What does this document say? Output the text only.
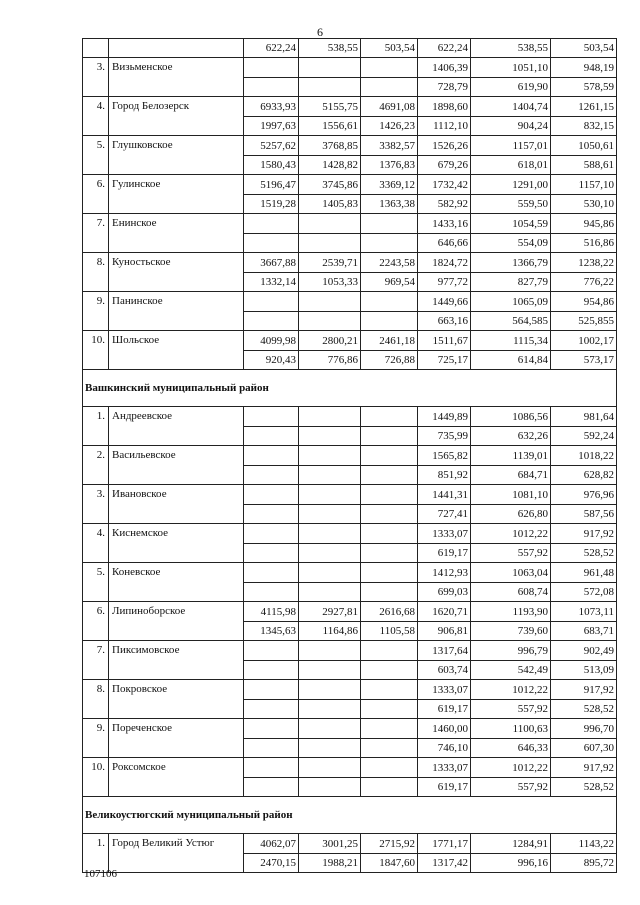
6
		622,24	538,55	503,54	622,24	538,55	503,54
3.	Визьменское				1406,39	1051,10	948,19
					728,79	619,90	578,59
4.	Город Белозерск	6933,93	5155,75	4691,08	1898,60	1404,74	1261,15
		1997,63	1556,61	1426,23	1112,10	904,24	832,15
5.	Глушковское	5257,62	3768,85	3382,57	1526,26	1157,01	1050,61
		1580,43	1428,82	1376,83	679,26	618,01	588,61
6.	Гулинское	5196,47	3745,86	3369,12	1732,42	1291,00	1157,10
		1519,28	1405,83	1363,38	582,92	559,50	530,10
7.	Енинское				1433,16	1054,59	945,86
					646,66	554,09	516,86
8.	Куностьское	3667,88	2539,71	2243,58	1824,72	1366,79	1238,22
		1332,14	1053,33	969,54	977,72	827,79	776,22
9.	Панинское				1449,66	1065,09	954,86
					663,16	564,585	525,855
10.	Шольское	4099,98	2800,21	2461,18	1511,67	1115,34	1002,17
		920,43	776,86	726,88	725,17	614,84	573,17
Вашкинский муниципальный район							
1.	Андреевское				1449,89	1086,56	981,64
					735,99	632,26	592,24
2.	Васильевское				1565,82	1139,01	1018,22
					851,92	684,71	628,82
3.	Ивановское				1441,31	1081,10	976,96
					727,41	626,80	587,56
4.	Киснемское				1333,07	1012,22	917,92
					619,17	557,92	528,52
5.	Коневское				1412,93	1063,04	961,48
					699,03	608,74	572,08
6.	Липиноборское	4115,98	2927,81	2616,68	1620,71	1193,90	1073,11
		1345,63	1164,86	1105,58	906,81	739,60	683,71
7.	Пиксимовское				1317,64	996,79	902,49
					603,74	542,49	513,09
8.	Покровское				1333,07	1012,22	917,92
					619,17	557,92	528,52
9.	Пореченское				1460,00	1100,63	996,70
					746,10	646,33	607,30
10.	Роксомское				1333,07	1012,22	917,92
					619,17	557,92	528,52
Великоустюгский муниципальный район							
1.	Город Великий Устюг	4062,07	3001,25	2715,92	1771,17	1284,91	1143,22
		2470,15	1988,21	1847,60	1317,42	996,16	895,72
107106
